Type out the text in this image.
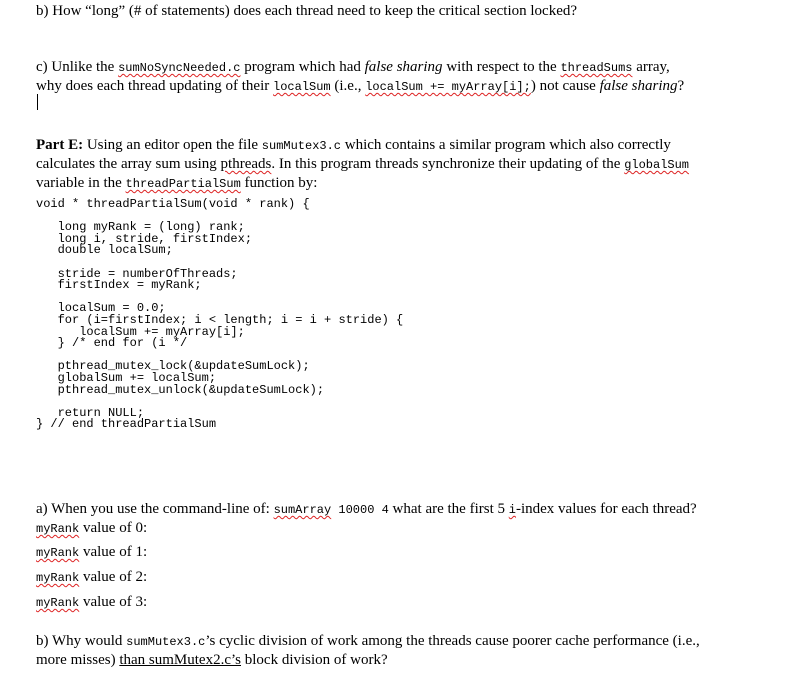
b) How “long” (# of statements) does each thread need to keep the critical section locked?
c) Unlike the sumNoSyncNeeded.c program which had false sharing with respect to the threadSums array,
why does each thread updating of their localSum (i.e., localSum += myArray[i];) not cause false sharing?
Part E: Using an editor open the file sumMutex3.c which contains a similar program which also correctly
calculates the array sum using pthreads. In this program threads synchronize their updating of the globalSum
variable in the threadPartialSum function by:
void * threadPartialSum(void * rank) {
long myRank = (long) rank;
long i, stride, firstIndex;
double localSum;
stride = numberOfThreads;
firstIndex = myRank;
localSum = 0.0;
for (i=firstIndex; i < length; i = i + stride) {
localSum += myArray[i];
} /* end for (i */
pthread_mutex_lock(&updateSumLock);
globalSum += localSum;
pthread_mutex_unlock(&updateSumLock);
return NULL;
} // end threadPartialSum
a) When you use the command-line of: sumArray 10000 4 what are the first 5 i-index values for each thread?
myRank value of 0:
myRank value of 1:
myRank value of 2:
myRank value of 3:
b) Why would sumMutex3.c’s cyclic division of work among the threads cause poorer cache performance (i.e.,
more misses) than sumMutex2.c’s block division of work?
